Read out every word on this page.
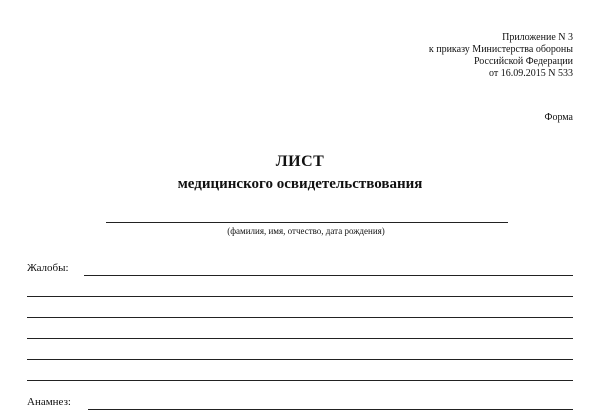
Приложение N 3
к приказу Министерства обороны
Российской Федерации
от 16.09.2015 N 533
Форма
ЛИСТ
медицинского освидетельствования
(фамилия, имя, отчество, дата рождения)
Жалобы:
Анамнез:
